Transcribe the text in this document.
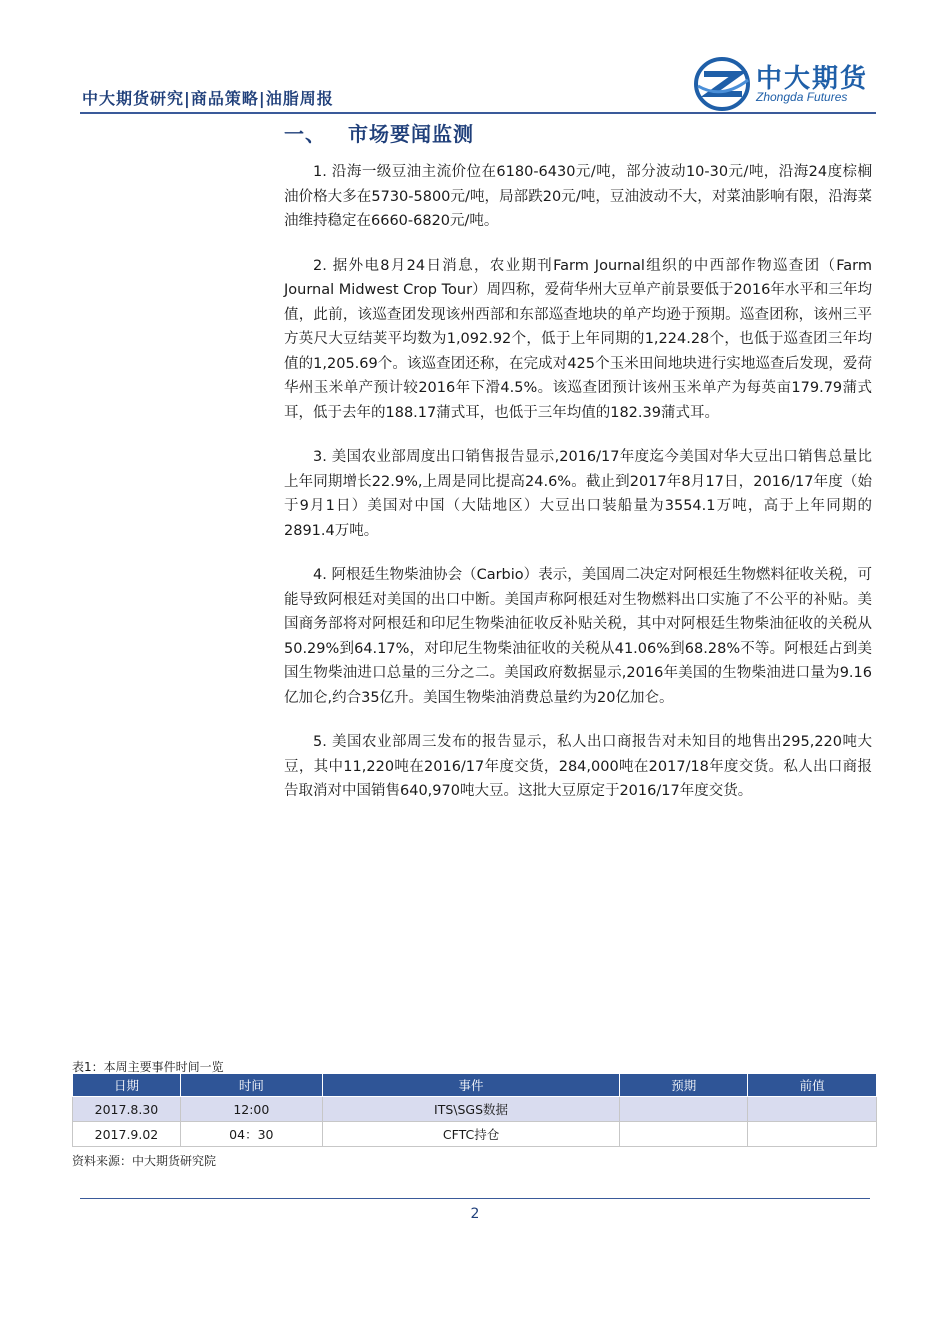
中大期货研究|商品策略|油脂周报
中大期货
Zhongda Futures
一、 市场要闻监测

1. 沿海一级豆油主流价位在6180-6430元/吨，部分波动10-30元/吨，沿海24度棕榈油价格大多在5730-5800元/吨，局部跌20元/吨，豆油波动不大，对菜油影响有限，沿海菜油维持稳定在6660-6820元/吨。

2. 据外电8月24日消息，农业期刊Farm Journal组织的中西部作物巡查团（Farm Journal Midwest Crop Tour）周四称，爱荷华州大豆单产前景要低于2016年水平和三年均值，此前，该巡查团发现该州西部和东部巡查地块的单产均逊于预期。巡查团称，该州三平方英尺大豆结荚平均数为1,092.92个，低于上年同期的1,224.28个，也低于巡查团三年均值的1,205.69个。该巡查团还称，在完成对425个玉米田间地块进行实地巡查后发现，爱荷华州玉米单产预计较2016年下滑4.5%。该巡查团预计该州玉米单产为每英亩179.79蒲式耳，低于去年的188.17蒲式耳，也低于三年均值的182.39蒲式耳。

3. 美国农业部周度出口销售报告显示,2016/17年度迄今美国对华大豆出口销售总量比上年同期增长22.9%,上周是同比提高24.6%。截止到2017年8月17日，2016/17年度（始于9月1日）美国对中国（大陆地区）大豆出口装船量为3554.1万吨，高于上年同期的2891.4万吨。

4. 阿根廷生物柴油协会（Carbio）表示，美国周二决定对阿根廷生物燃料征收关税，可能导致阿根廷对美国的出口中断。美国声称阿根廷对生物燃料出口实施了不公平的补贴。美国商务部将对阿根廷和印尼生物柴油征收反补贴关税，其中对阿根廷生物柴油征收的关税从50.29%到64.17%，对印尼生物柴油征收的关税从41.06%到68.28%不等。阿根廷占到美国生物柴油进口总量的三分之二。美国政府数据显示,2016年美国的生物柴油进口量为9.16亿加仑,约合35亿升。美国生物柴油消费总量约为20亿加仑。

5. 美国农业部周三发布的报告显示，私人出口商报告对未知目的地售出295,220吨大豆，其中11,220吨在2016/17年度交货，284,000吨在2017/18年度交货。私人出口商报告取消对中国销售640,970吨大豆。这批大豆原定于2016/17年度交货。

表1：本周主要事件时间一览
日期	时间	事件	预期	前值
2017.8.30	12:00	ITS\SGS数据		
2017.9.02	04：30	CFTC持仓		
资料来源：中大期货研究院
2
